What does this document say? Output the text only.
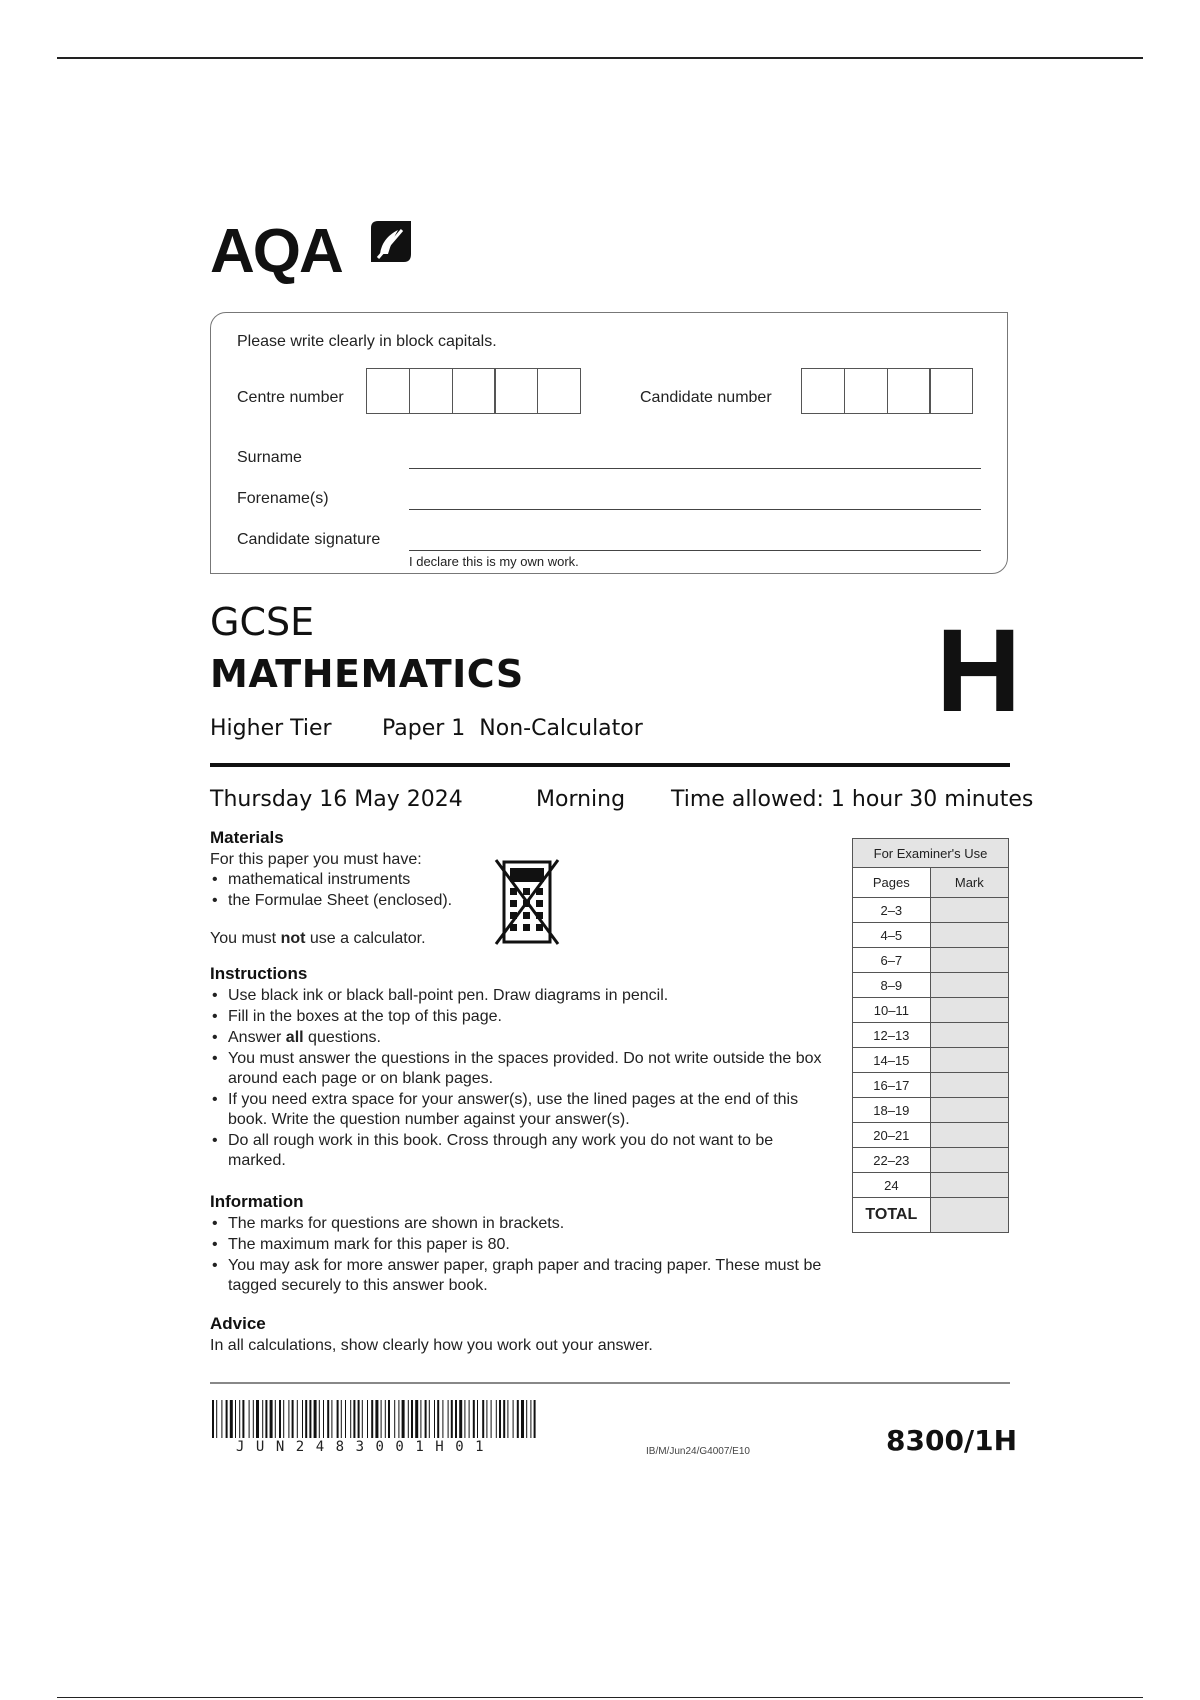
AQA
Please write clearly in block capitals.
Centre number	Candidate number
Surname
Forename(s)
Candidate signature
I declare this is my own work.
GCSE
MATHEMATICS
Higher Tier Paper 1  Non-Calculator H
Thursday 16 May 2024	Morning Time allowed: 1 hour 30 minutes
Materials

For this paper you must have:

• mathematical instruments
• the Formulae Sheet (enclosed).

You must not use a calculator.

Instructions
• Use black ink or black ball-point pen. Draw diagrams in pencil.
• Fill in the boxes at the top of this page.
• Answer all questions.
• You must answer the questions in the spaces provided. Do not write outside the box around each page or on blank pages.
• If you need extra space for your answer(s), use the lined pages at the end of this book. Write the question number against your answer(s).
• Do all rough work in this book. Cross through any work you do not want to be marked.
Information
• The marks for questions are shown in brackets.
• The maximum mark for this paper is 80.
• You may ask for more answer paper, graph paper and tracing paper. These must be tagged securely to this answer book.
Advice

In all calculations, show clearly how you work out your answer.

For Examiner's Use	
Pages	Mark
2–3	
4–5	
6–7	
8–9	
10–11	
12–13	
14–15	
16–17	
18–19	
20–21	
22–23	
24	
TOTAL	
JUN2483001H01	IB/M/Jun24/G4007/E10	8300/1H
